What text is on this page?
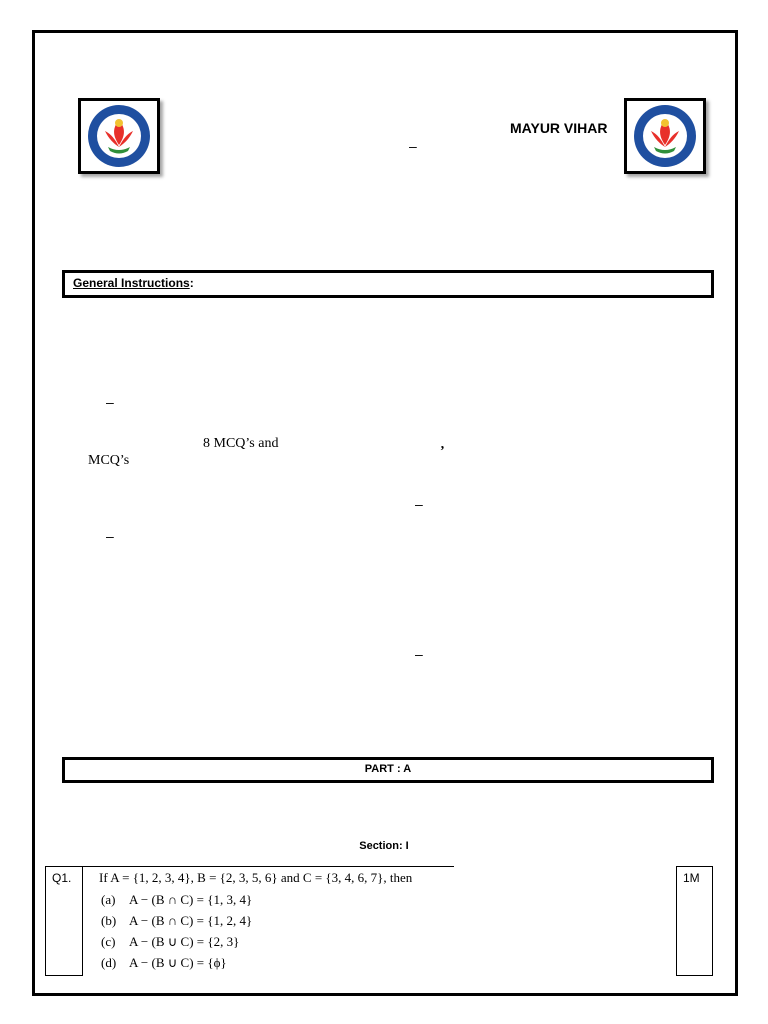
MAYUR VIHAR
–
General Instructions:
–
8 MCQ’s and
MCQ’s
’
–
–
–
PART : A
Section: I
Q1. If A = {1, 2, 3, 4}, B = {2, 3, 5, 6} and C = {3, 4, 6, 7}, then
(a) A − (B ∩ C) = {1, 3, 4}
(b) A − (B ∩ C) = {1, 2, 4}
(c) A − (B ∪ C) = {2, 3}
(d) A − (B ∪ C) = {ϕ}
1M
